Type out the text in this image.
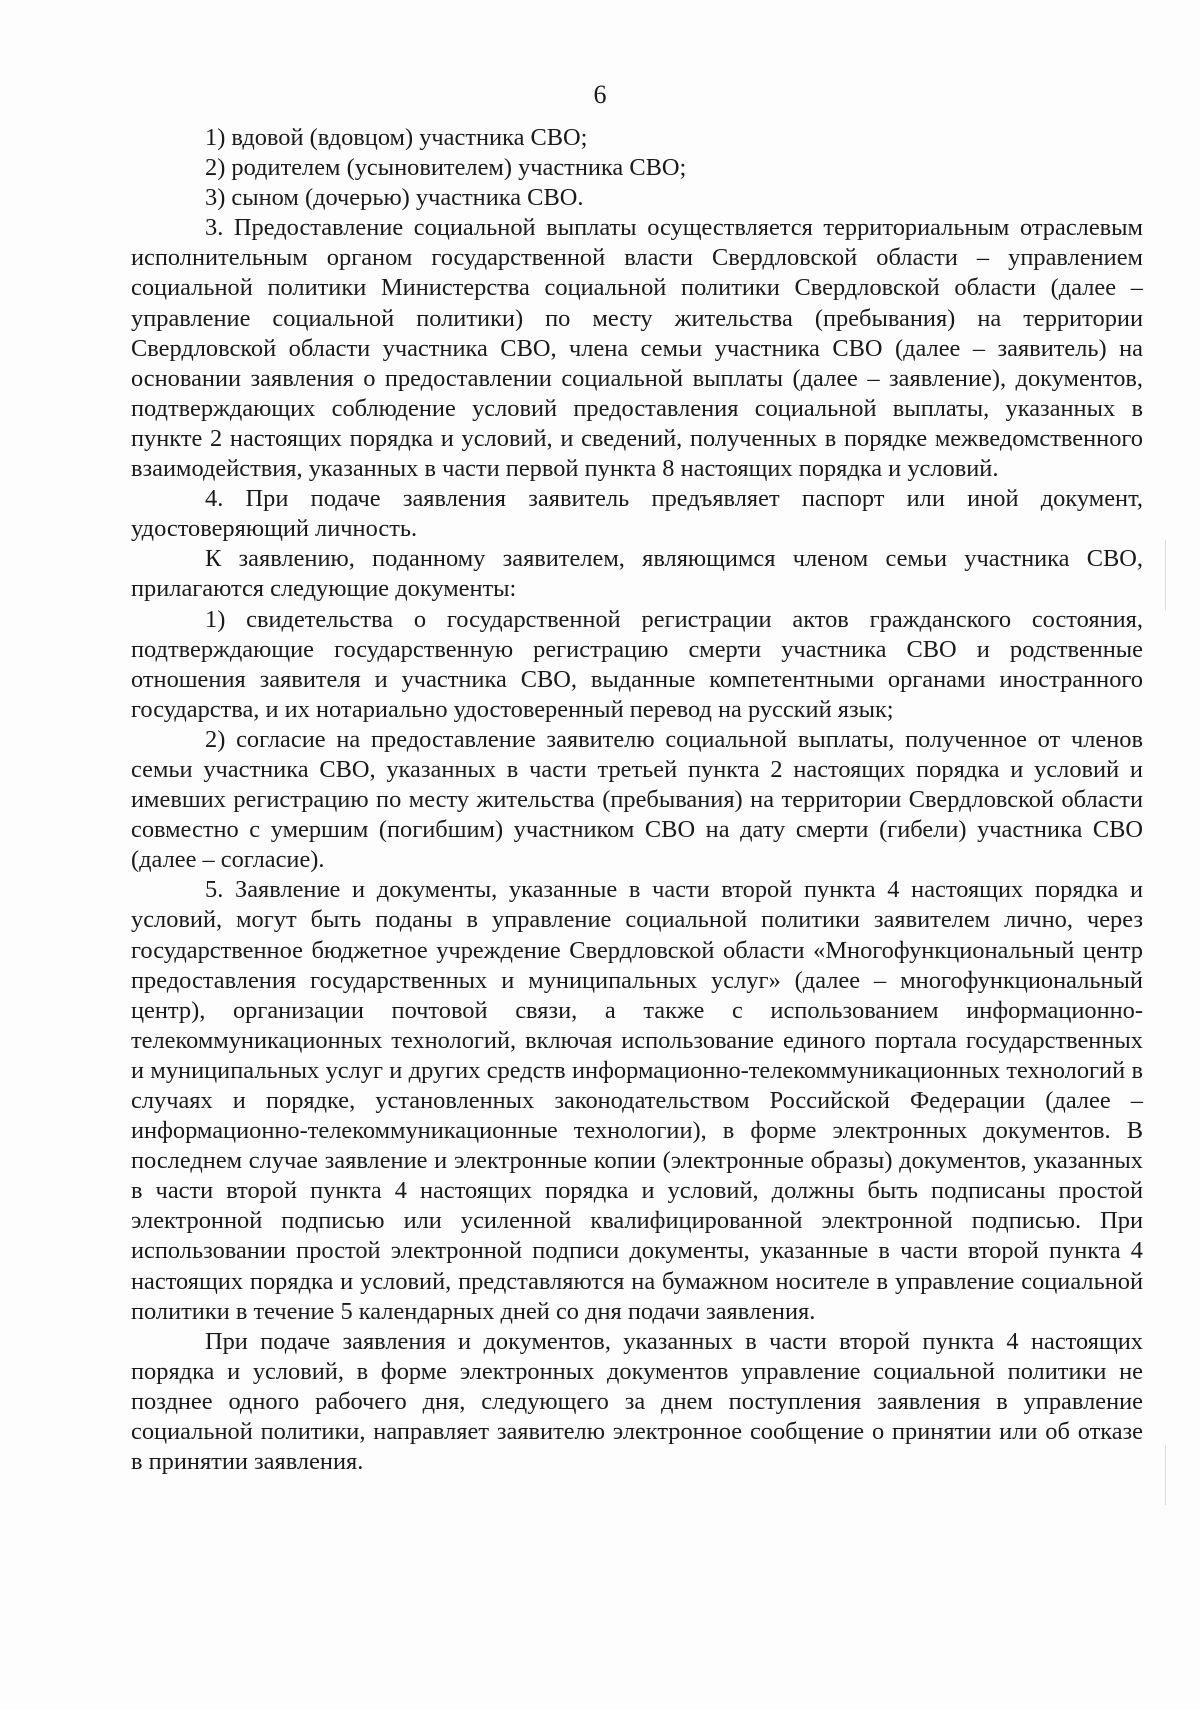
6

1) вдовой (вдовцом) участника СВО;

2) родителем (усыновителем) участника СВО;

3) сыном (дочерью) участника СВО.

3. Предоставление социальной выплаты осуществляется территориальным отраслевым исполнительным органом государственной власти Свердловской области – управлением социальной политики Министерства социальной политики Свердловской области (далее – управление социальной политики) по месту жительства (пребывания) на территории Свердловской области участника СВО, члена семьи участника СВО (далее – заявитель) на основании заявления о предоставлении социальной выплаты (далее – заявление), документов, подтверждающих соблюдение условий предоставления социальной выплаты, указанных в пункте 2 настоящих порядка и условий, и сведений, полученных в порядке межведомственного взаимодействия, указанных в части первой пункта 8 настоящих порядка и условий.

4. При подаче заявления заявитель предъявляет паспорт или иной документ, удостоверяющий личность.

К заявлению, поданному заявителем, являющимся членом семьи участника СВО, прилагаются следующие документы:

1) свидетельства о государственной регистрации актов гражданского состояния, подтверждающие государственную регистрацию смерти участника СВО и родственные отношения заявителя и участника СВО, выданные компетентными органами иностранного государства, и их нотариально удостоверенный перевод на русский язык;

2) согласие на предоставление заявителю социальной выплаты, полученное от членов семьи участника СВО, указанных в части третьей пункта 2 настоящих порядка и условий и имевших регистрацию по месту жительства (пребывания) на территории Свердловской области совместно с умершим (погибшим) участником СВО на дату смерти (гибели) участника СВО (далее – согласие).

5. Заявление и документы, указанные в части второй пункта 4 настоящих порядка и условий, могут быть поданы в управление социальной политики заявителем лично, через государственное бюджетное учреждение Свердловской области «Многофункциональный центр предоставления государственных и муниципальных услуг» (далее – многофункциональный центр), организации почтовой связи, а также с использованием информационно-телекоммуникационных технологий, включая использование единого портала государственных и муниципальных услуг и других средств информационно-телекоммуникационных технологий в случаях и порядке, установленных законодательством Российской Федерации (далее – информационно-телекоммуникационные технологии), в форме электронных документов. В последнем случае заявление и электронные копии (электронные образы) документов, указанных в части второй пункта 4 настоящих порядка и условий, должны быть подписаны простой электронной подписью или усиленной квалифицированной электронной подписью. При использовании простой электронной подписи документы, указанные в части второй пункта 4 настоящих порядка и условий, представляются на бумажном носителе в управление социальной политики в течение 5 календарных дней со дня подачи заявления.

При подаче заявления и документов, указанных в части второй пункта 4 настоящих порядка и условий, в форме электронных документов управление социальной политики не позднее одного рабочего дня, следующего за днем поступления заявления в управление социальной политики, направляет заявителю электронное сообщение о принятии или об отказе в принятии заявления.
